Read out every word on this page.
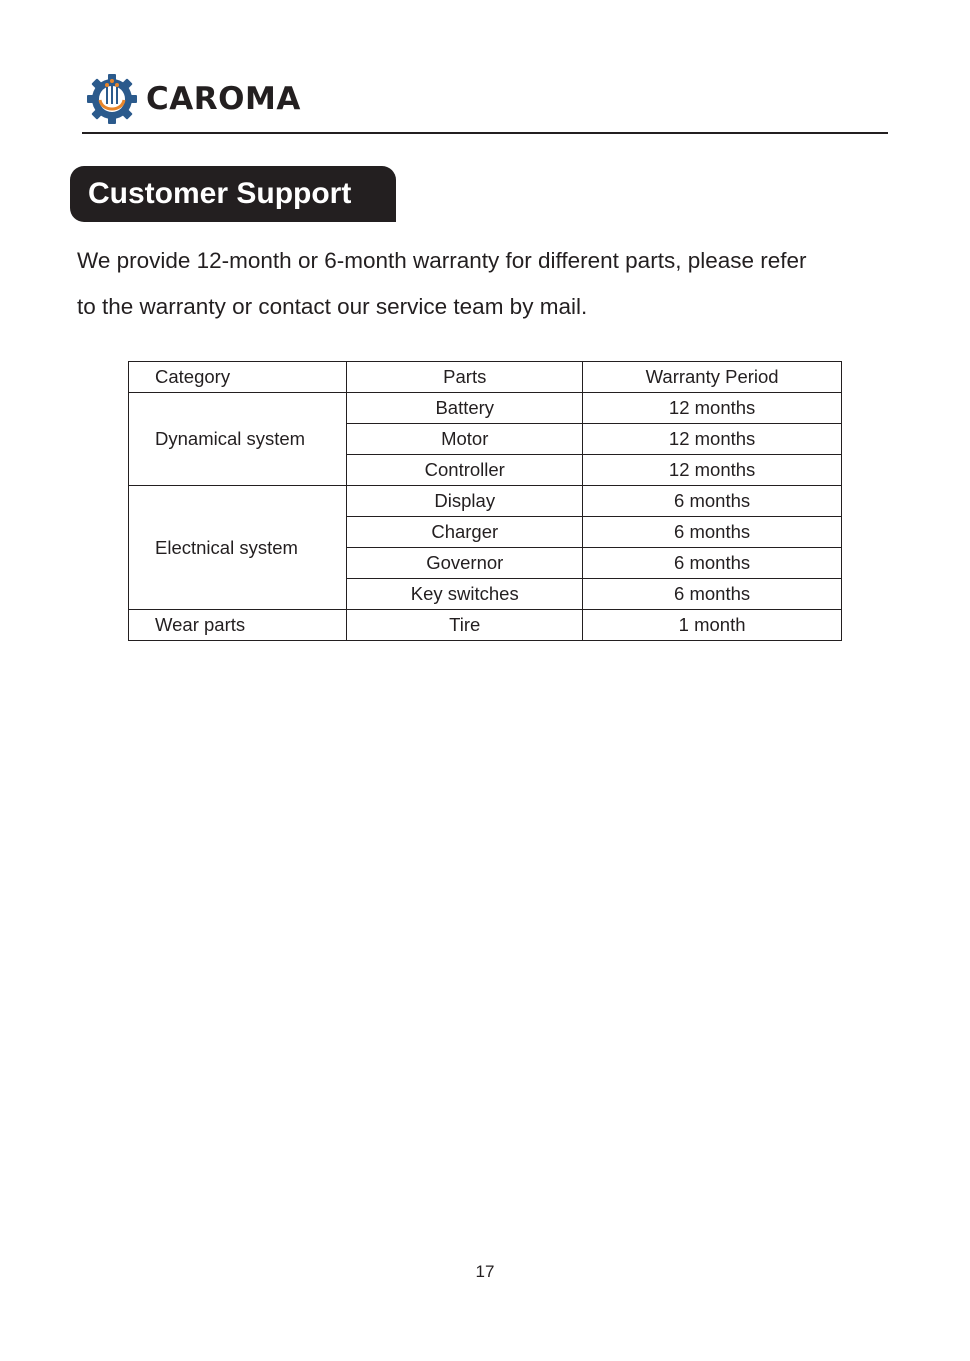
CAROMA
Customer Support

We provide 12-month or 6-month warranty for different parts, please refer
to the warranty or contact our service team by mail.

Category	Parts	Warranty Period
Dynamical system	Battery	12 months
	Motor	12 months
	Controller	12 months
Electnical system	Display	6 months
	Charger	6 months
	Governor	6 months
	Key switches	6 months
Wear parts	Tire	1 month
17
